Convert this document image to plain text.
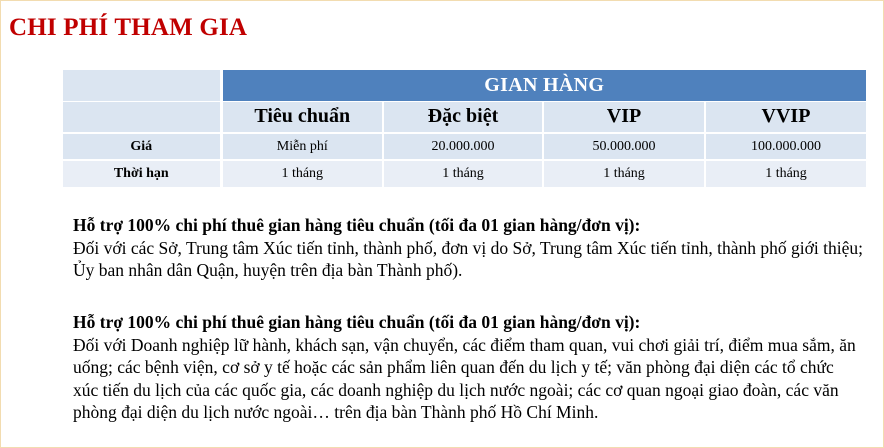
CHI PHÍ THAM GIA
	GIAN HÀNG			
	Tiêu chuẩn	Đặc biệt	VIP	VVIP
Giá	Miễn phí	20.000.000	50.000.000	100.000.000
Thời hạn	1 tháng	1 tháng	1 tháng	1 tháng

Hỗ trợ 100% chi phí thuê gian hàng tiêu chuẩn (tối đa 01 gian hàng/đơn vị):

Đối với các Sở, Trung tâm Xúc tiến tỉnh, thành phố, đơn vị do Sở, Trung tâm Xúc tiến tỉnh, thành phố giới thiệu; Ủy ban nhân dân Quận, huyện trên địa bàn Thành phố).

Hỗ trợ 100% chi phí thuê gian hàng tiêu chuẩn (tối đa 01 gian hàng/đơn vị):

Đối với Doanh nghiệp lữ hành, khách sạn, vận chuyển, các điểm tham quan, vui chơi giải trí, điểm mua sắm, ăn uống; các bệnh viện, cơ sở y tế hoặc các sản phẩm liên quan đến du lịch y tế; văn phòng đại diện các tổ chức xúc tiến du lịch của các quốc gia, các doanh nghiệp du lịch nước ngoài; các cơ quan ngoại giao đoàn, các văn phòng đại diện du lịch nước ngoài… trên địa bàn Thành phố Hồ Chí Minh.
